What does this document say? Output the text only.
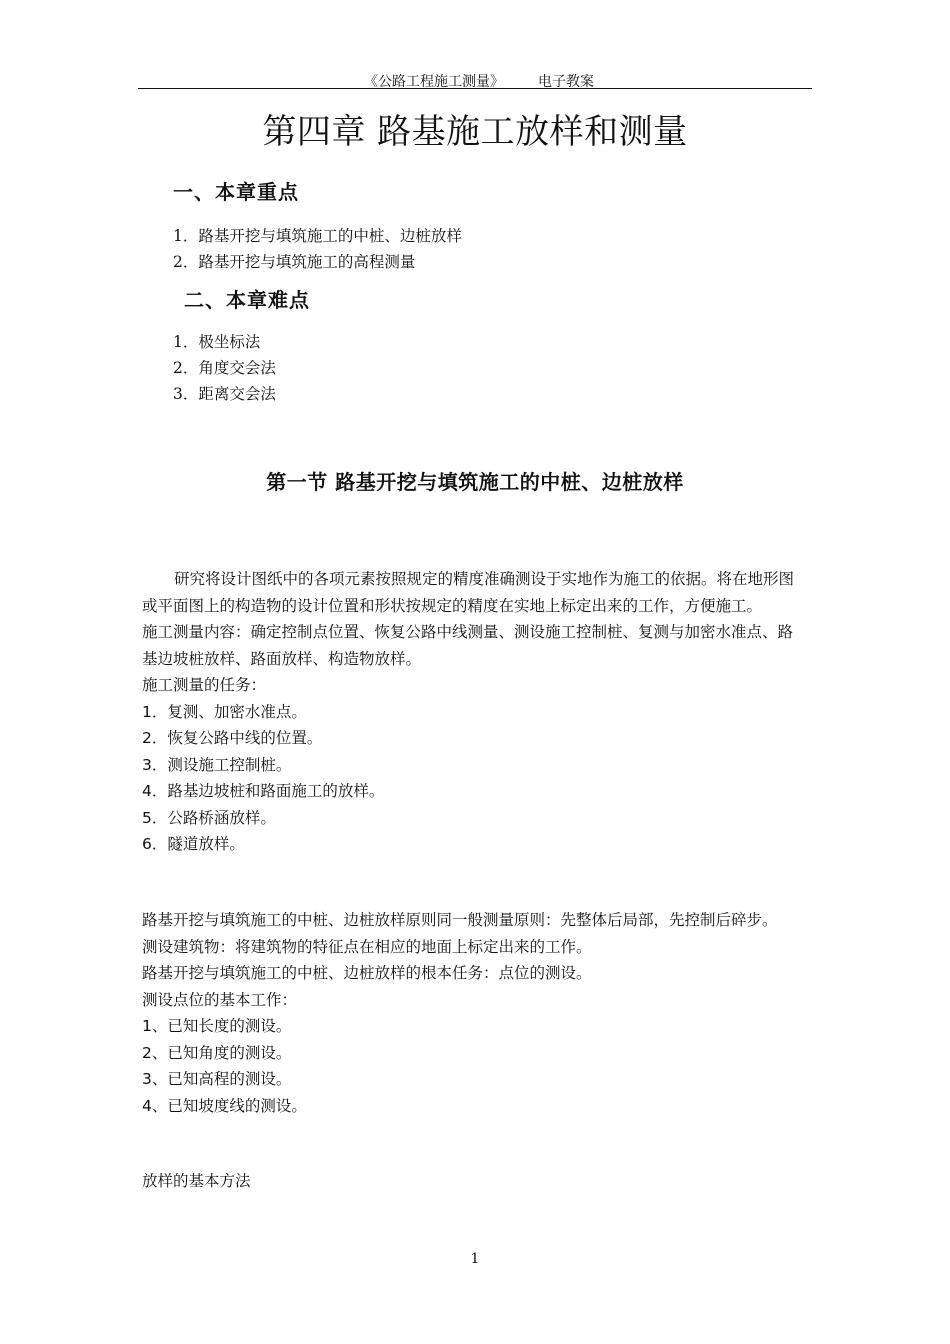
《公路工程施工测量》 电子教案
第四章 路基施工放样和测量
一、本章重点
1．路基开挖与填筑施工的中桩、边桩放样
2．路基开挖与填筑施工的高程测量
二、本章难点
1．极坐标法
2．角度交会法
3．距离交会法
第一节 路基开挖与填筑施工的中桩、边桩放样

研究将设计图纸中的各项元素按照规定的精度准确测设于实地作为施工的依据。将在地形图或平面图上的构造物的设计位置和形状按规定的精度在实地上标定出来的工作，方便施工。

施工测量内容：确定控制点位置、恢复公路中线测量、测设施工控制桩、复测与加密水准点、路基边坡桩放样、路面放样、构造物放样。

施工测量的任务：

1．复测、加密水准点。

2．恢复公路中线的位置。

3．测设施工控制桩。

4．路基边坡桩和路面施工的放样。

5．公路桥涵放样。

6．隧道放样。

路基开挖与填筑施工的中桩、边桩放样原则同一般测量原则：先整体后局部，先控制后碎步。

测设建筑物：将建筑物的特征点在相应的地面上标定出来的工作。

路基开挖与填筑施工的中桩、边桩放样的根本任务：点位的测设。

测设点位的基本工作：

1、已知长度的测设。

2、已知角度的测设。

3、已知高程的测设。

4、已知坡度线的测设。

放样的基本方法

1
